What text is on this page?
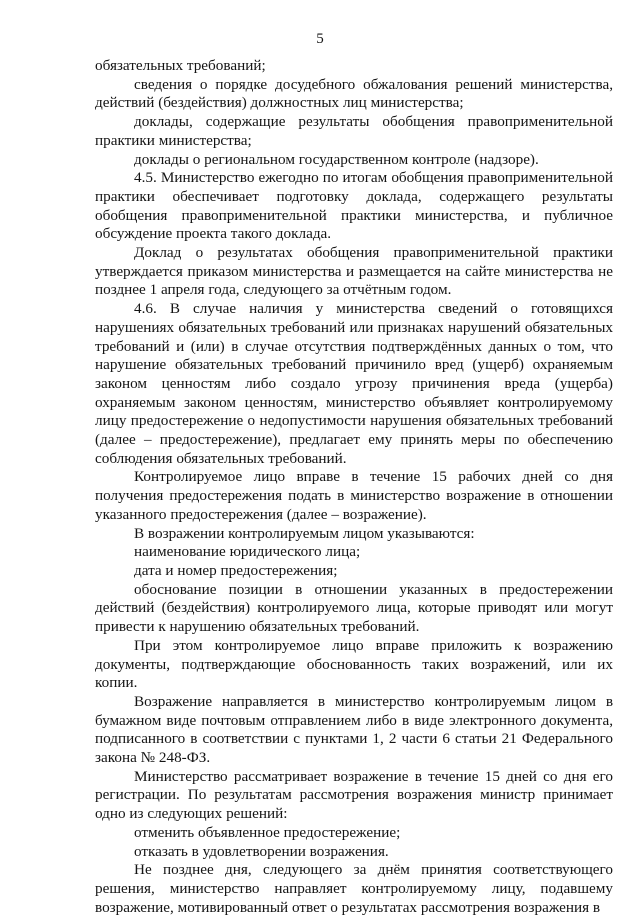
5

обязательных требований;

сведения о порядке досудебного обжалования решений министерства, действий (бездействия) должностных лиц министерства;

доклады, содержащие результаты обобщения правоприменительной практики министерства;

доклады о региональном государственном контроле (надзоре).

4.5. Министерство ежегодно по итогам обобщения правоприменительной практики обеспечивает подготовку доклада, содержащего результаты обобщения правоприменительной практики министерства, и публичное обсуждение проекта такого доклада.

Доклад о результатах обобщения правоприменительной практики утверждается приказом министерства и размещается на сайте министерства не позднее 1 апреля года, следующего за отчётным годом.

4.6. В случае наличия у министерства сведений о готовящихся нарушениях обязательных требований или признаках нарушений обязательных требований и (или) в случае отсутствия подтверждённых данных о том, что нарушение обязательных требований причинило вред (ущерб) охраняемым законом ценностям либо создало угрозу причинения вреда (ущерба) охраняемым законом ценностям, министерство объявляет контролируемому лицу предостережение о недопустимости нарушения обязательных требований (далее – предостережение), предлагает ему принять меры по обеспечению соблюдения обязательных требований.

Контролируемое лицо вправе в течение 15 рабочих дней со дня получения предостережения подать в министерство возражение в отношении указанного предостережения (далее – возражение).

В возражении контролируемым лицом указываются:

наименование юридического лица;

дата и номер предостережения;

обоснование позиции в отношении указанных в предостережении действий (бездействия) контролируемого лица, которые приводят или могут привести к нарушению обязательных требований.

При этом контролируемое лицо вправе приложить к возражению документы, подтверждающие обоснованность таких возражений, или их копии.

Возражение направляется в министерство контролируемым лицом в бумажном виде почтовым отправлением либо в виде электронного документа, подписанного в соответствии с пунктами 1, 2 части 6 статьи 21 Федерального закона № 248-ФЗ.

Министерство рассматривает возражение в течение 15 дней со дня его регистрации. По результатам рассмотрения возражения министр принимает одно из следующих решений:

отменить объявленное предостережение;

отказать в удовлетворении возражения.

Не позднее дня, следующего за днём принятия соответствующего решения, министерство направляет контролируемому лицу, подавшему возражение, мотивированный ответ о результатах рассмотрения возражения в
